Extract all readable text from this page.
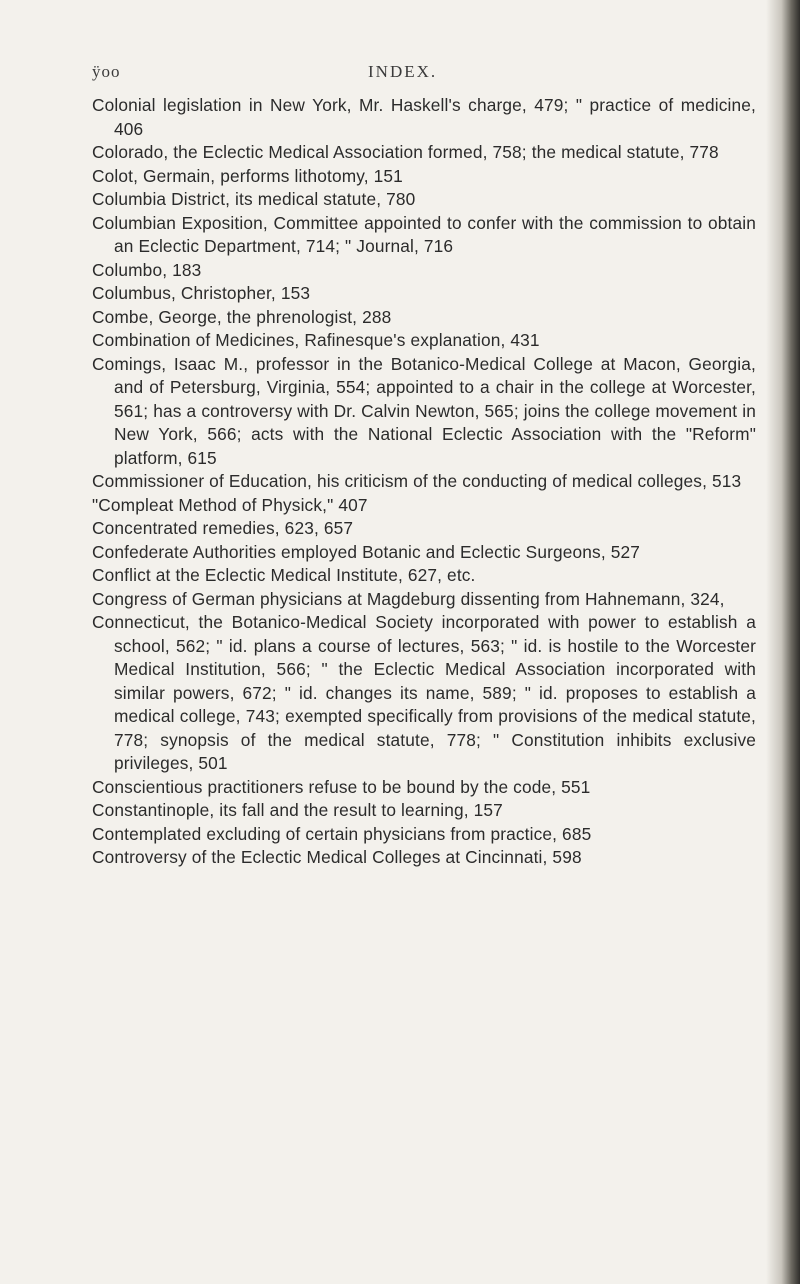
ÿoo	INDEX.
Colonial legislation in New York, Mr. Haskell's charge, 479; " practice of medicine, 406
Colorado, the Eclectic Medical Association formed, 758; the medical statute, 778
Colot, Germain, performs lithotomy, 151
Columbia District, its medical statute, 780
Columbian Exposition, Committee appointed to confer with the commission to obtain an Eclectic Department, 714; " Journal, 716
Columbo, 183
Columbus, Christopher, 153
Combe, George, the phrenologist, 288
Combination of Medicines, Rafinesque's explanation, 431
Comings, Isaac M., professor in the Botanico-Medical College at Macon, Georgia, and of Petersburg, Virginia, 554; appointed to a chair in the college at Worcester, 561; has a controversy with Dr. Calvin Newton, 565; joins the college movement in New York, 566; acts with the National Eclectic Association with the "Reform" platform, 615
Commissioner of Education, his criticism of the conducting of medical colleges, 513
"Compleat Method of Physick," 407
Concentrated remedies, 623, 657
Confederate Authorities employed Botanic and Eclectic Surgeons, 527
Conflict at the Eclectic Medical Institute, 627, etc.
Congress of German physicians at Magdeburg dissenting from Hahnemann, 324,
Connecticut, the Botanico-Medical Society incorporated with power to establish a school, 562; " id. plans a course of lectures, 563; " id. is hostile to the Worcester Medical Institution, 566; " the Eclectic Medical Association incorporated with similar powers, 672; " id. changes its name, 589; " id. proposes to establish a medical college, 743; exempted specifically from provisions of the medical statute, 778; synopsis of the medical statute, 778; " Constitution inhibits exclusive privileges, 501
Conscientious practitioners refuse to be bound by the code, 551
Constantinople, its fall and the result to learning, 157
Contemplated excluding of certain physicians from practice, 685
Controversy of the Eclectic Medical Colleges at Cincinnati, 598
